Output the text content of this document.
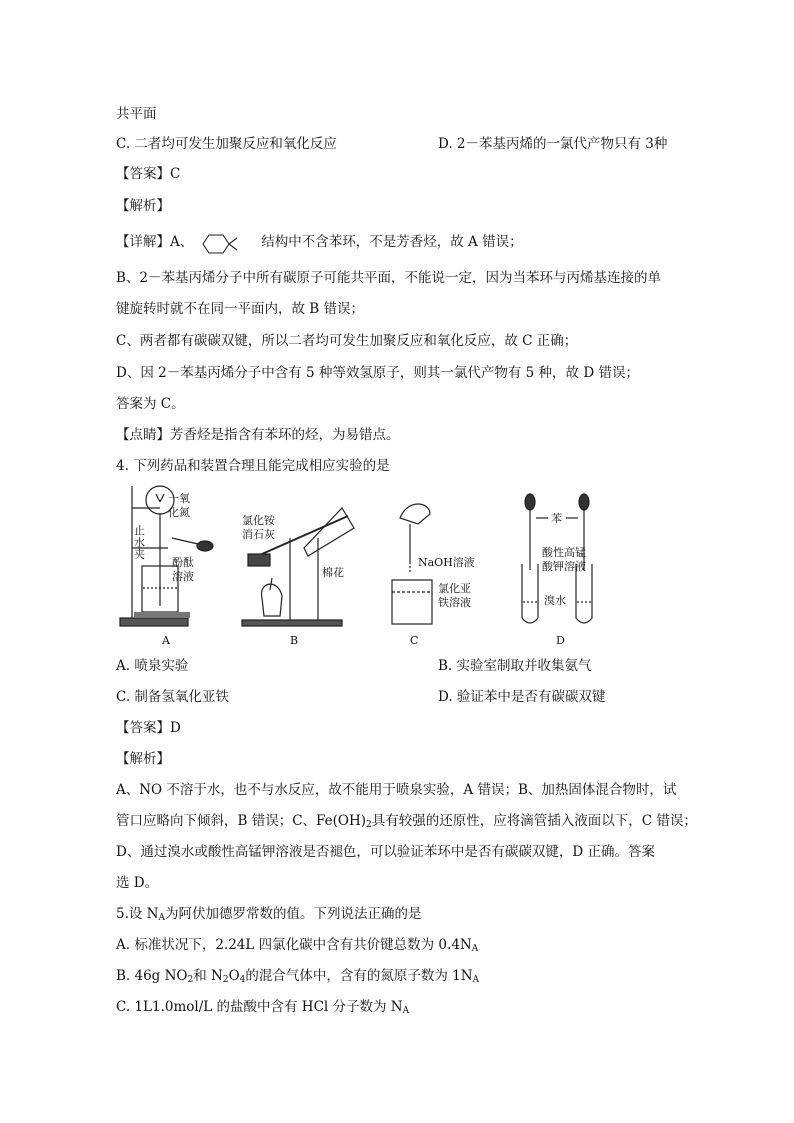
共平面
C. 二者均可发生加聚反应和氧化反应	D. 2－苯基丙烯的一氯代产物只有 3种
【答案】C
【解析】
【详解】A、	结构中不含苯环，不是芳香烃，故 A 错误；
B、2－苯基丙烯分子中所有碳原子可能共平面，不能说一定，因为当苯环与丙烯基连接的单
键旋转时就不在同一平面内，故 B 错误；
C、两者都有碳碳双键，所以二者均可发生加聚反应和氧化反应，故 C 正确；
D、因 2－苯基丙烯分子中含有 5 种等效氢原子，则其一氯代产物有 5 种，故 D 错误；
答案为 C。
【点睛】芳香烃是指含有苯环的烃，为易错点。
4. 下列药品和装置合理且能完成相应实验的是
一氧
化氮
止
水
夹
酚酞
溶液
A
氯化铵
消石灰
棉花
B
NaOH溶液
氯化亚
铁溶液
C
苯
酸性高锰
酸钾溶液
溴水
D
A. 喷泉实验	B. 实验室制取并收集氨气
C. 制备氢氧化亚铁	D. 验证苯中是否有碳碳双键
【答案】D
【解析】
A、NO 不溶于水，也不与水反应，故不能用于喷泉实验，A 错误；B、加热固体混合物时，试
管口应略向下倾斜，B 错误；C、$Fe(OH)_2$具有较强的还原性，应将滴管插入液面以下，C 错误；
D、通过溴水或酸性高锰钾溶液是否褪色，可以验证苯环中是否有碳碳双键，D 正确。答案
选 D。
5.设 $N_A$为阿伏加德罗常数的值。下列说法正确的是
A. 标准状况下，2.24L 四氯化碳中含有共价键总数为 $0.4N_A$
B. 46g $NO_2$和 $N_2O_4$的混合气体中，含有的氮原子数为 $1N_A$
C. 1L1.0mol/L 的盐酸中含有 HCl 分子数为 $N_A$
